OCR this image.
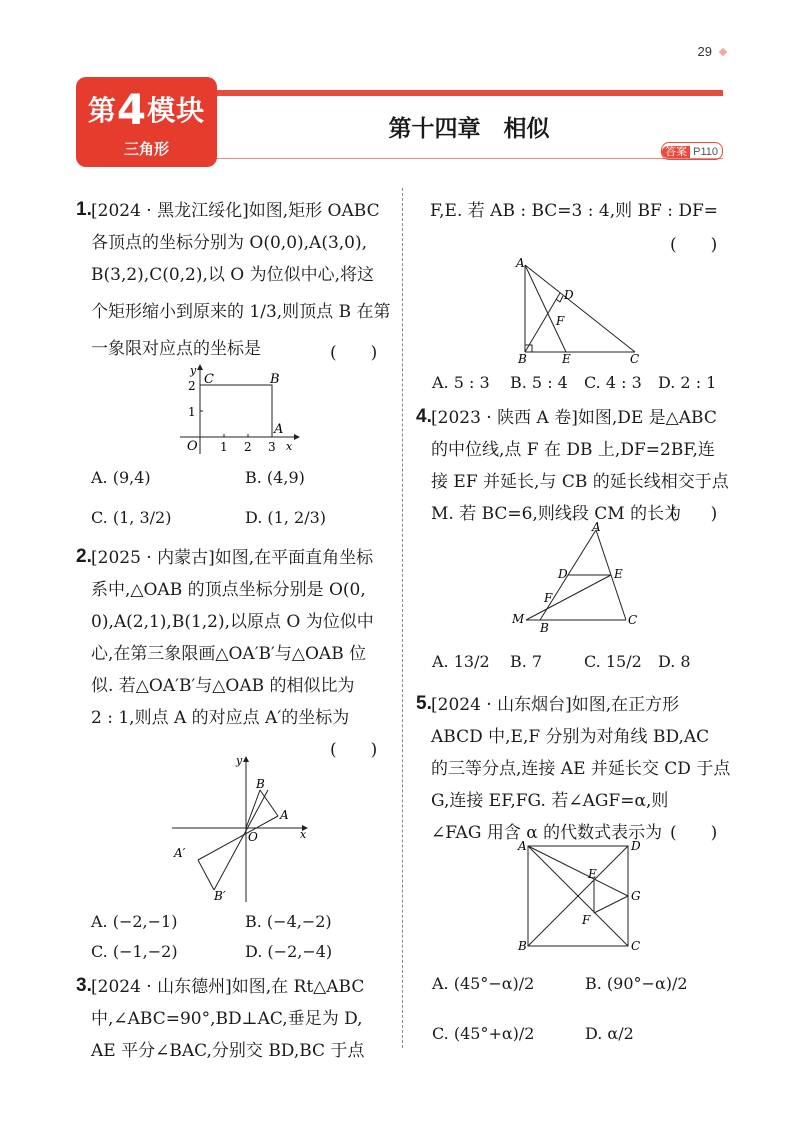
29
第4模块
三角形
第十四章　相似
答案 P110
1. [2024 · 黑龙江绥化]如图,矩形 OABC
各顶点的坐标分别为 O(0,0),A(3,0),
B(3,2),C(0,2),以 O 为位似中心,将这
个矩形缩小到原来的 1/3,则顶点 B 在第
一象限对应点的坐标是	(　　)
y
x
O 1 2 3
1
2 C	B
A
A. (9,4)	B. (4,9)
C. (1, 3/2)	D. (1, 2/3)
2. [2025 · 内蒙古]如图,在平面直角坐标
系中,△OAB 的顶点坐标分别是 O(0,
0),A(2,1),B(1,2),以原点 O 为位似中
心,在第三象限画△OA′B′与△OAB 位
似. 若△OA′B′与△OAB 的相似比为
2 : 1,则点 A 的对应点 A′的坐标为
(　　)
y
x
O
A
B
A′
B′
A. (−2,−1)	B. (−4,−2)
C. (−1,−2)	D. (−2,−4)
3. [2024 · 山东德州]如图,在 Rt△ABC
中,∠ABC=90°,BD⊥AC,垂足为 D,
AE 平分∠BAC,分别交 BD,BC 于点
F,E. 若 AB : BC=3 : 4,则 BF : DF=
(　　)
A
B	C
D
E
F
A. 5 : 3 B. 5 : 4 C. 4 : 3 D. 2 : 1
4. [2023 · 陕西 A 卷]如图,DE 是△ABC
的中位线,点 F 在 DB 上,DF=2BF,连
接 EF 并延长,与 CB 的延长线相交于点
M. 若 BC=6,则线段 CM 的长为
(　　)
A
B
C
D	E
F
M
A. 13/2 B. 7	C. 15/2 D. 8
5. [2024 · 山东烟台]如图,在正方形
ABCD 中,E,F 分别为对角线 BD,AC
的三等分点,连接 AE 并延长交 CD 于点
G,连接 EF,FG. 若∠AGF=α,则
∠FAG 用含 α 的代数式表示为 (　　)
A
B	C
D
E
F
G
A. (45°−α)/2	B. (90°−α)/2
C. (45°+α)/2	D. α/2
